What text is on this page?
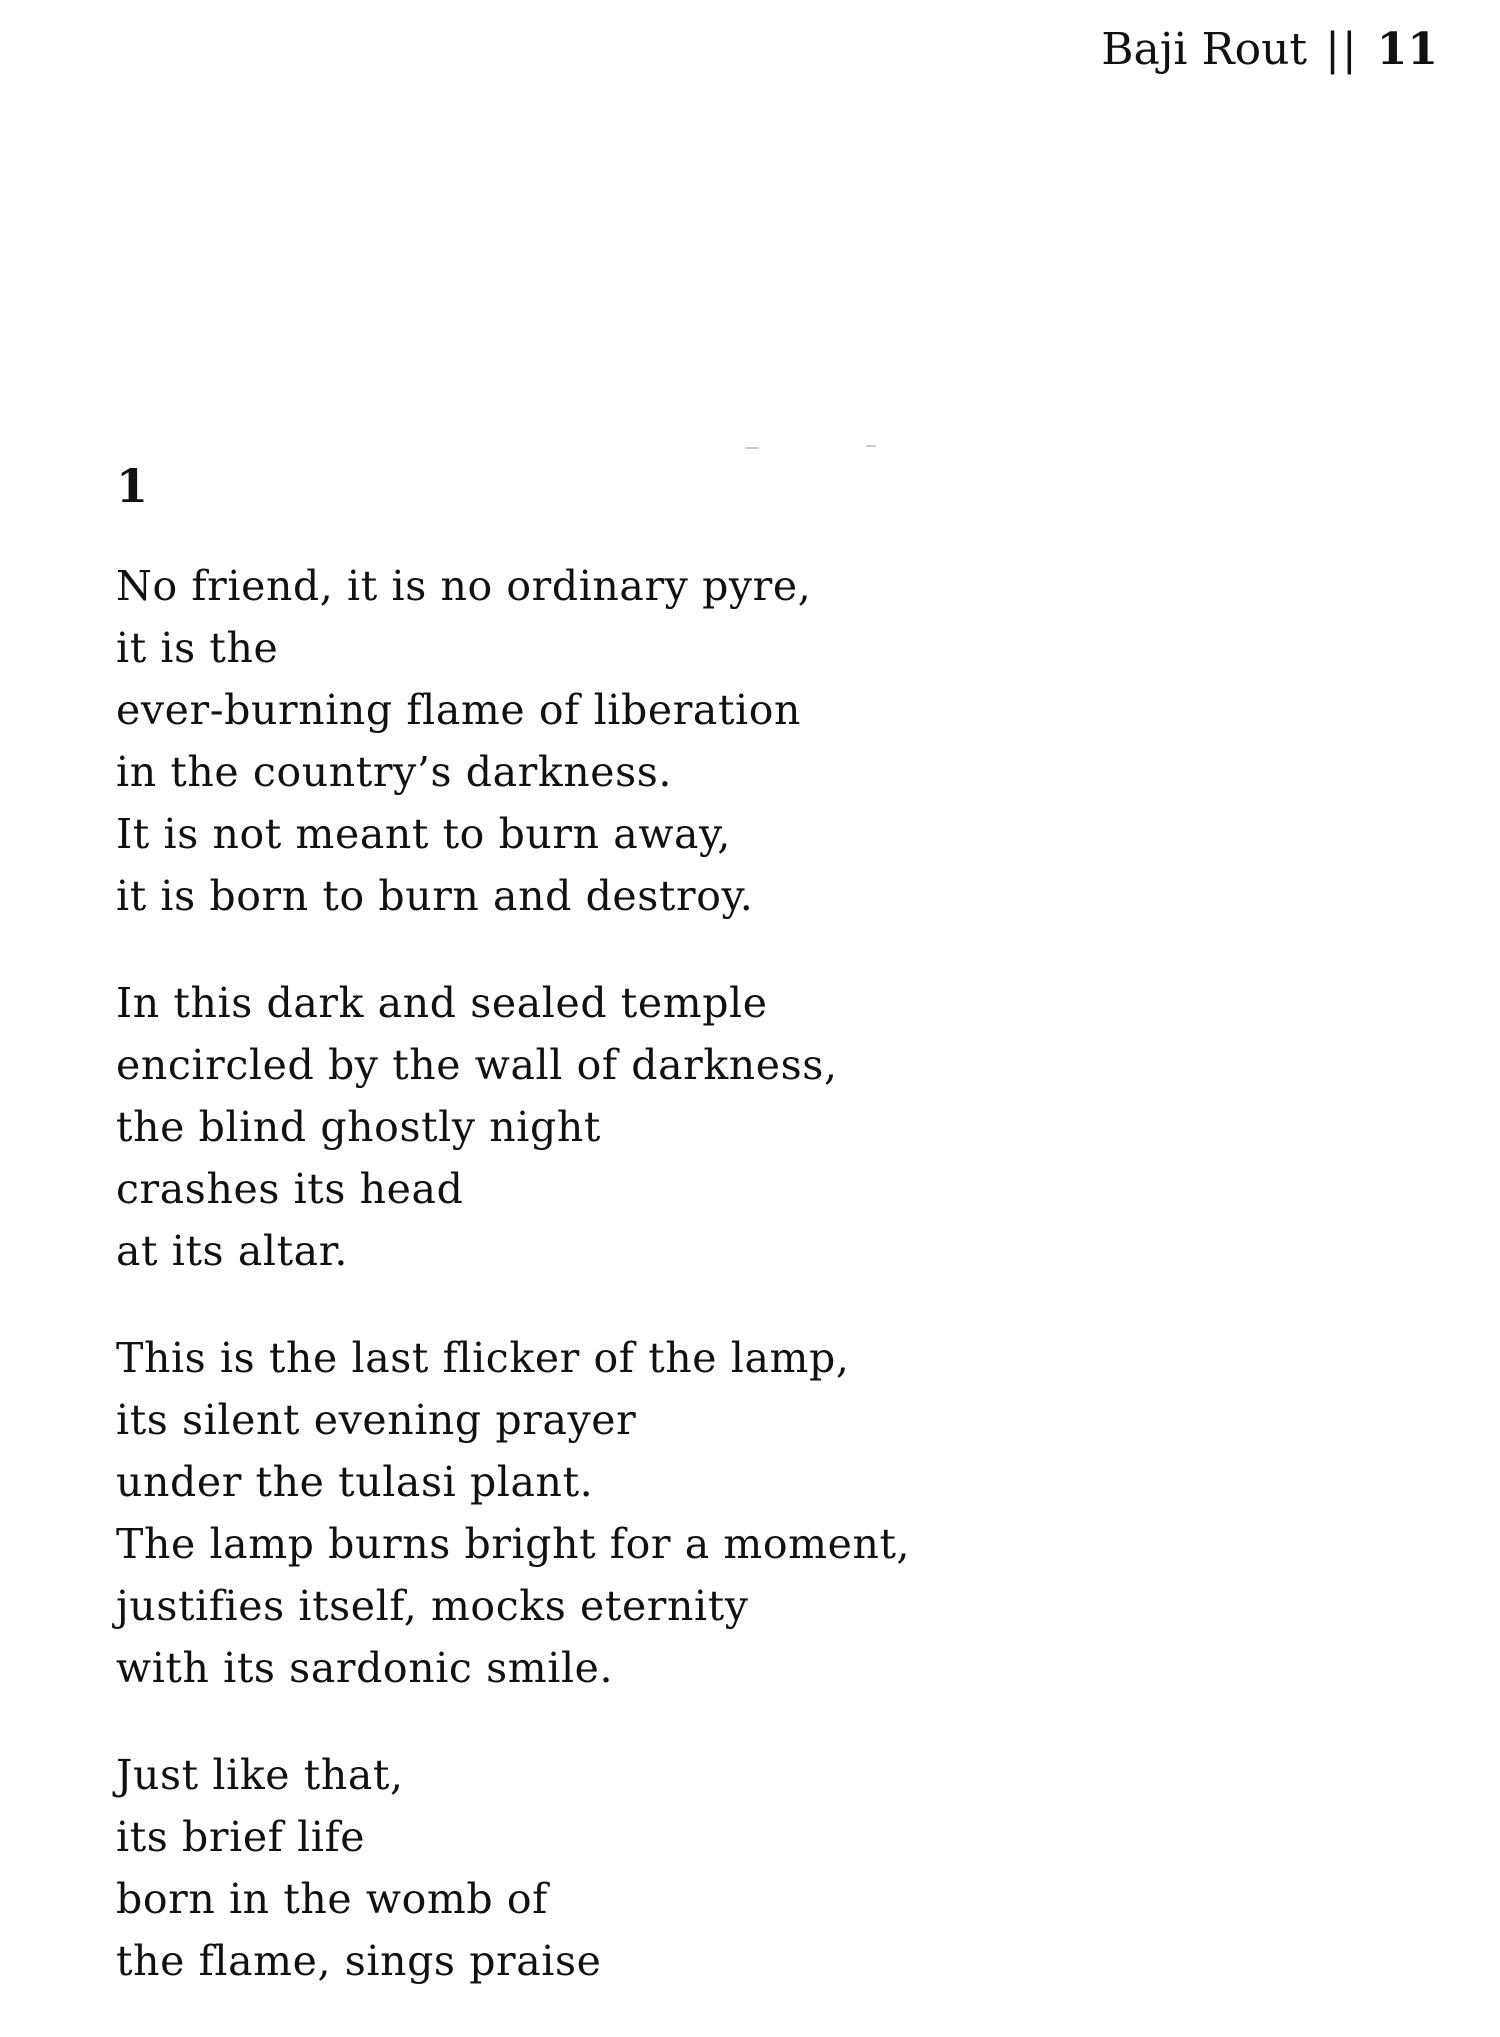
Baji Rout || 11
1
No friend, it is no ordinary pyre,
it is the
ever-burning flame of liberation
in the country’s darkness.
It is not meant to burn away,
it is born to burn and destroy.
In this dark and sealed temple
encircled by the wall of darkness,
the blind ghostly night
crashes its head
at its altar.
This is the last flicker of the lamp,
its silent evening prayer
under the tulasi plant.
The lamp burns bright for a moment,
justifies itself, mocks eternity
with its sardonic smile.
Just like that,
its brief life
born in the womb of
the flame, sings praise
